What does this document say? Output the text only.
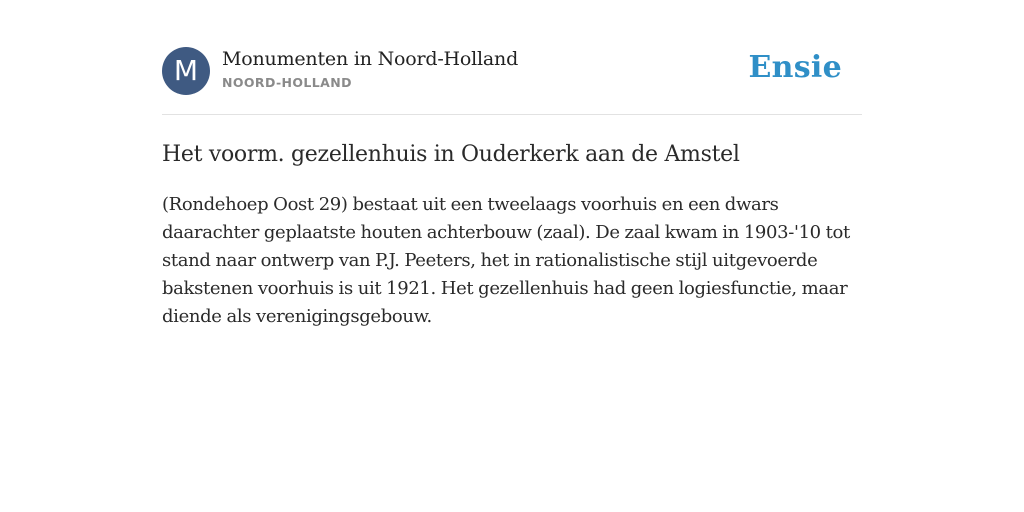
M	Monumenten in Noord-Holland
NOORD-HOLLAND	Ensie
Het voorm. gezellenhuis in Ouderkerk aan de Amstel

(Rondehoep Oost 29) bestaat uit een tweelaags voorhuis en een dwars daarachter geplaatste houten achterbouw (zaal). De zaal kwam in 1903-'10 tot stand naar ontwerp van P.J. Peeters, het in rationalistische stijl uitgevoerde bakstenen voorhuis is uit 1921. Het gezellenhuis had geen logiesfunctie, maar diende als verenigingsgebouw.
